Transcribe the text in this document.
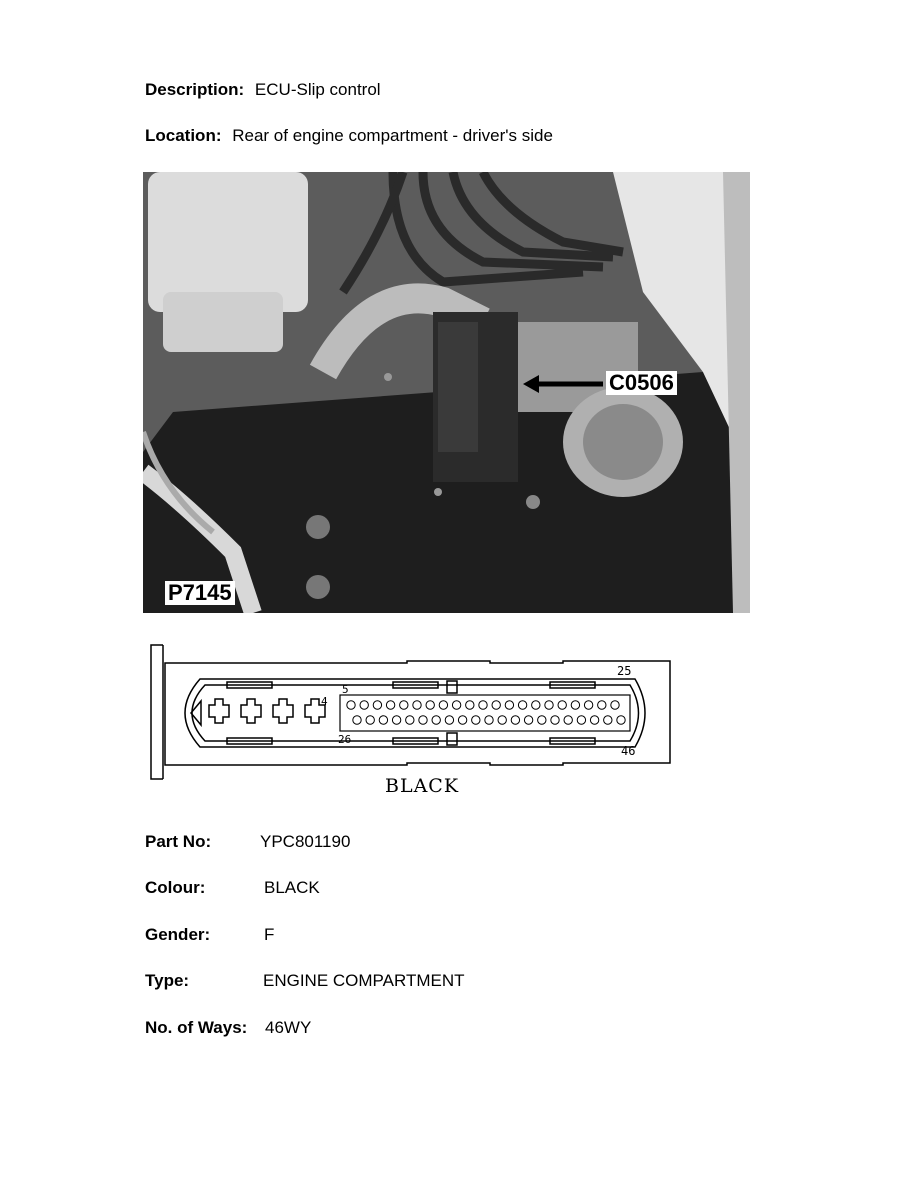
Description: ECU-Slip control
Location: Rear of engine compartment - driver's side
C0506
P7145
5
4
25
26
46
BLACK
Part No:	YPC801190
Colour:	BLACK
Gender:	F
Type:	ENGINE COMPARTMENT
No. of Ways: 46WY
